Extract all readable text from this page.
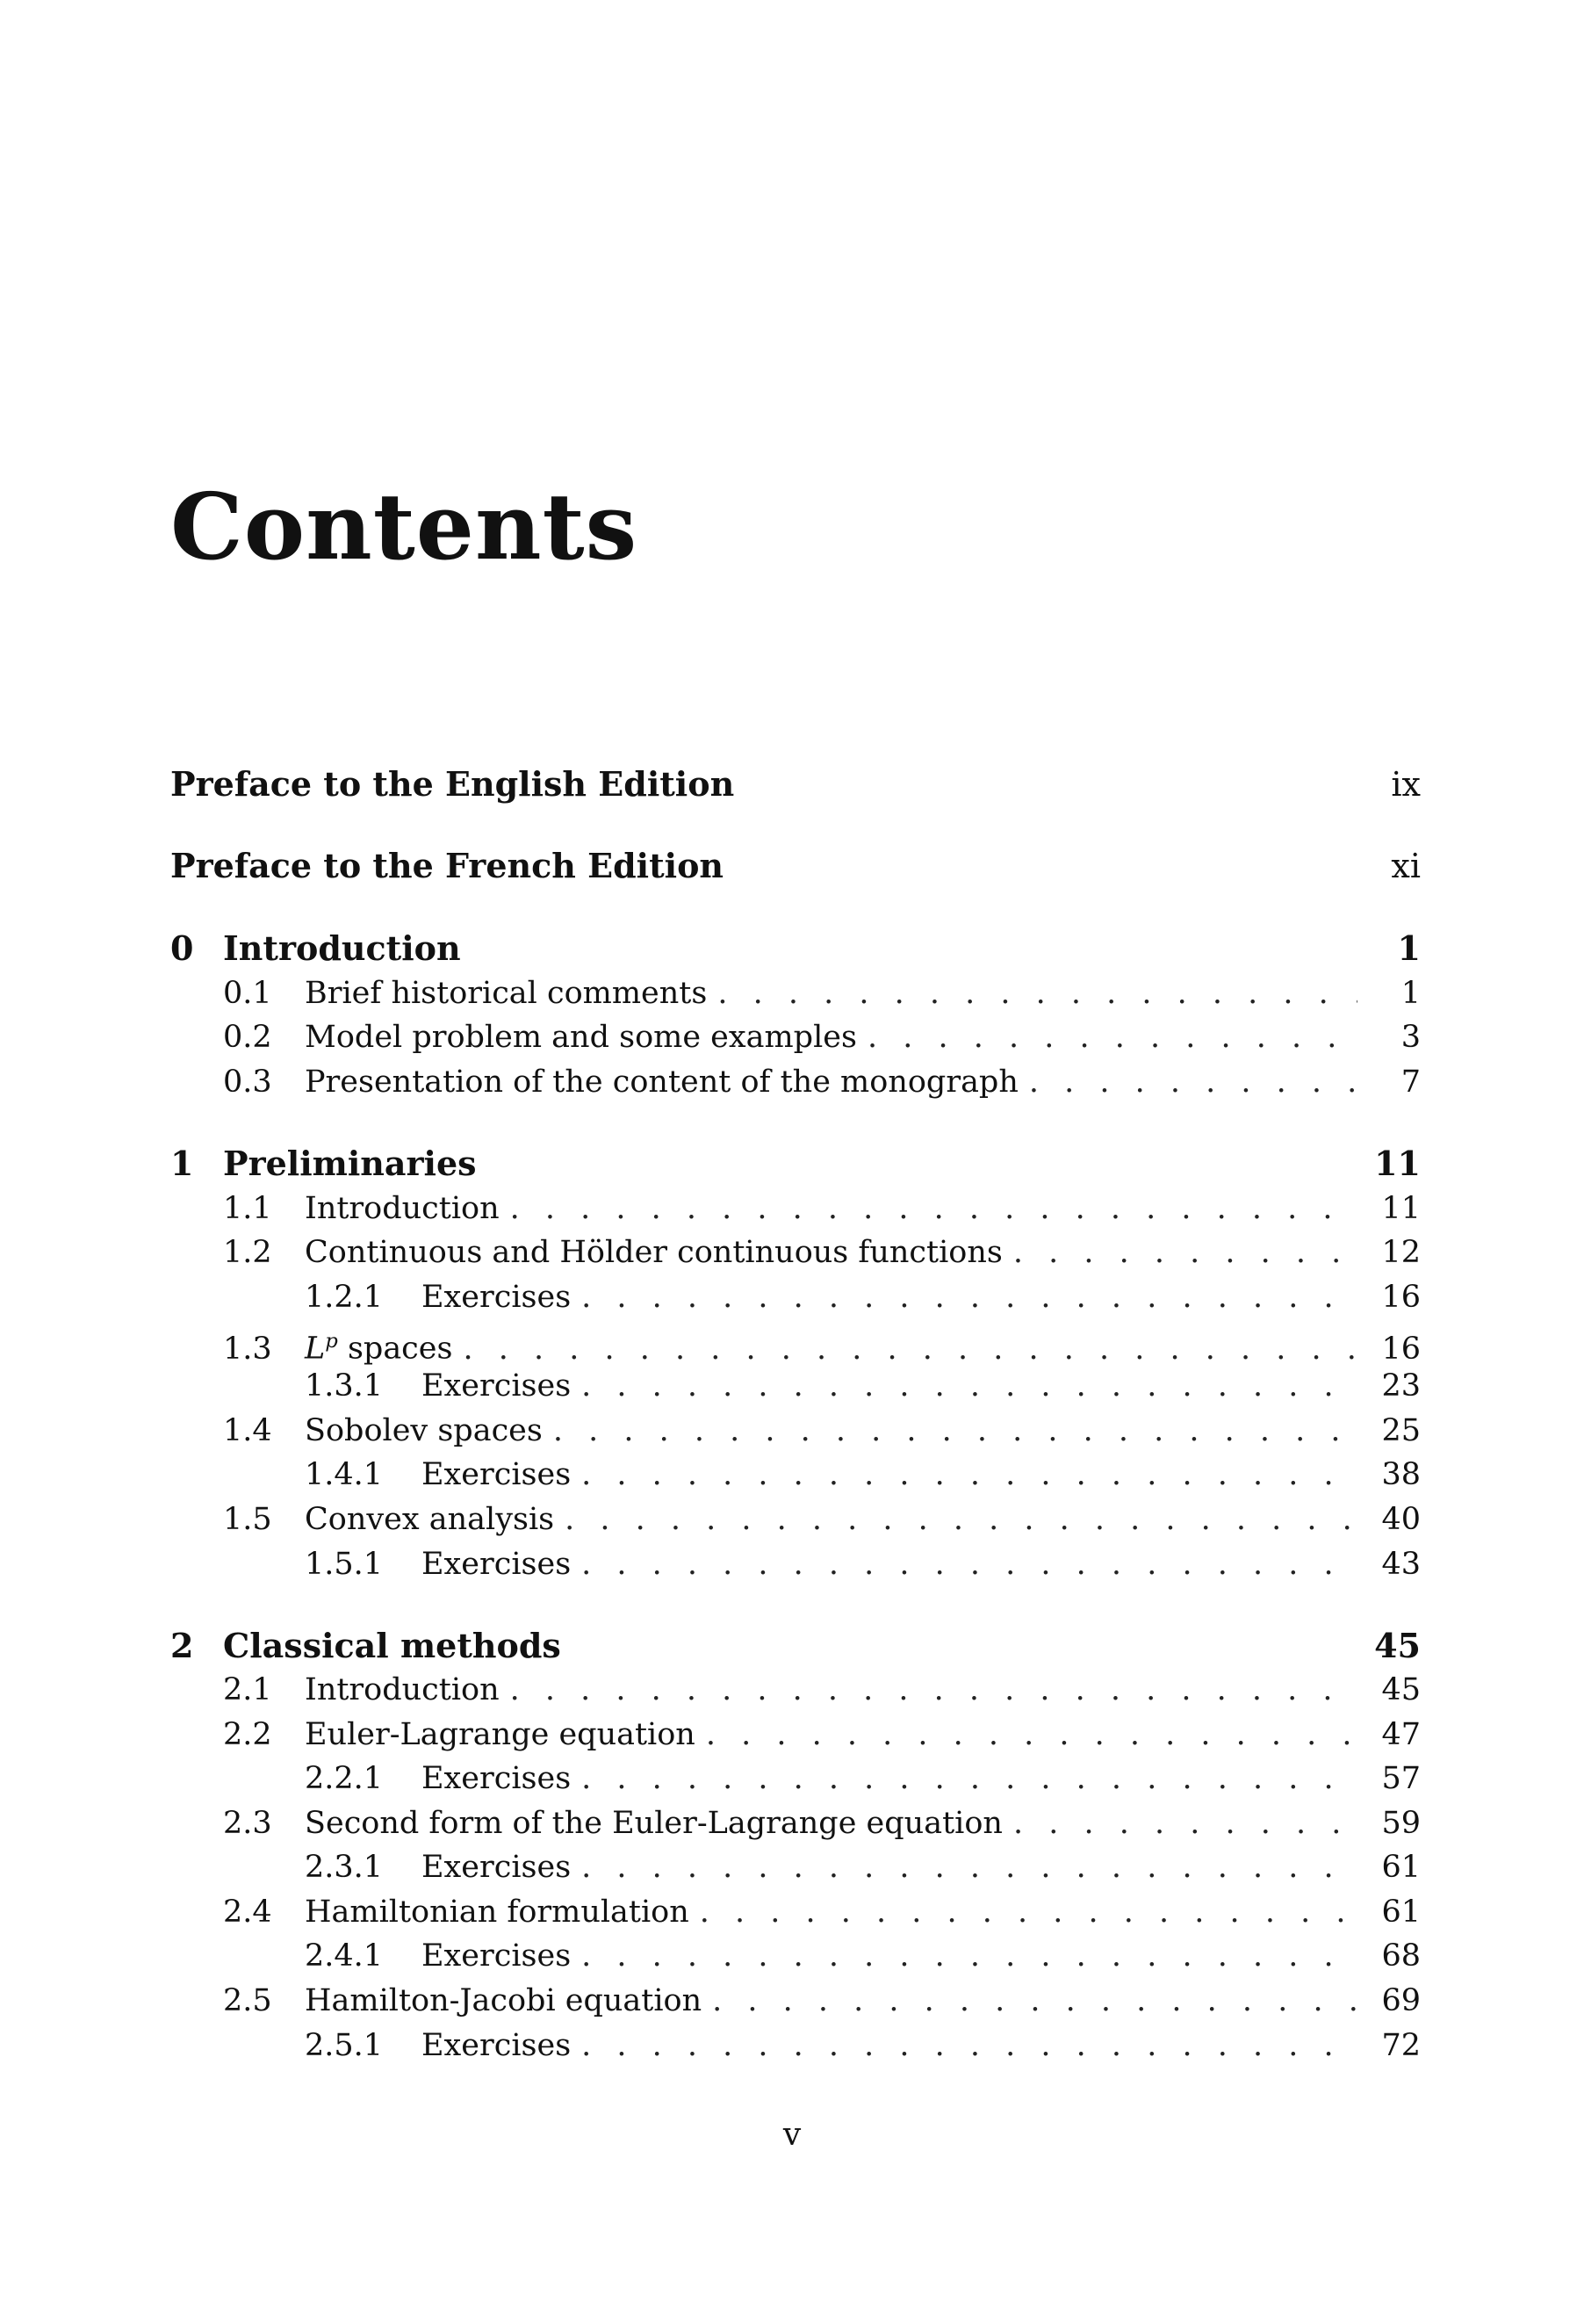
Contents
Preface to the English Edition	ix
Preface to the French Edition	xi
0 Introduction	1
0.1	Brief historical comments . . .	1
0.2	Model problem and some examples . . .	3
0.3	Presentation of the content of the monograph . . .	7
1 Preliminaries	11
1.1	Introduction . . .	11
1.2	Continuous and Hölder continuous functions . . .	12
1.2.1	Exercises . . .	16
1.3	$L^p$ spaces . . .	16
1.3.1	Exercises . . .	23
1.4	Sobolev spaces . . .	25
1.4.1	Exercises . . .	38
1.5	Convex analysis . . .	40
1.5.1	Exercises . . .	43
2 Classical methods	45
2.1	Introduction . . .	45
2.2	Euler-Lagrange equation . . .	47
2.2.1	Exercises . . .	57
2.3	Second form of the Euler-Lagrange equation . . .	59
2.3.1	Exercises . . .	61
2.4	Hamiltonian formulation . . .	61
2.4.1	Exercises . . .	68
2.5	Hamilton-Jacobi equation . . .	69
2.5.1	Exercises . . .	72
v
